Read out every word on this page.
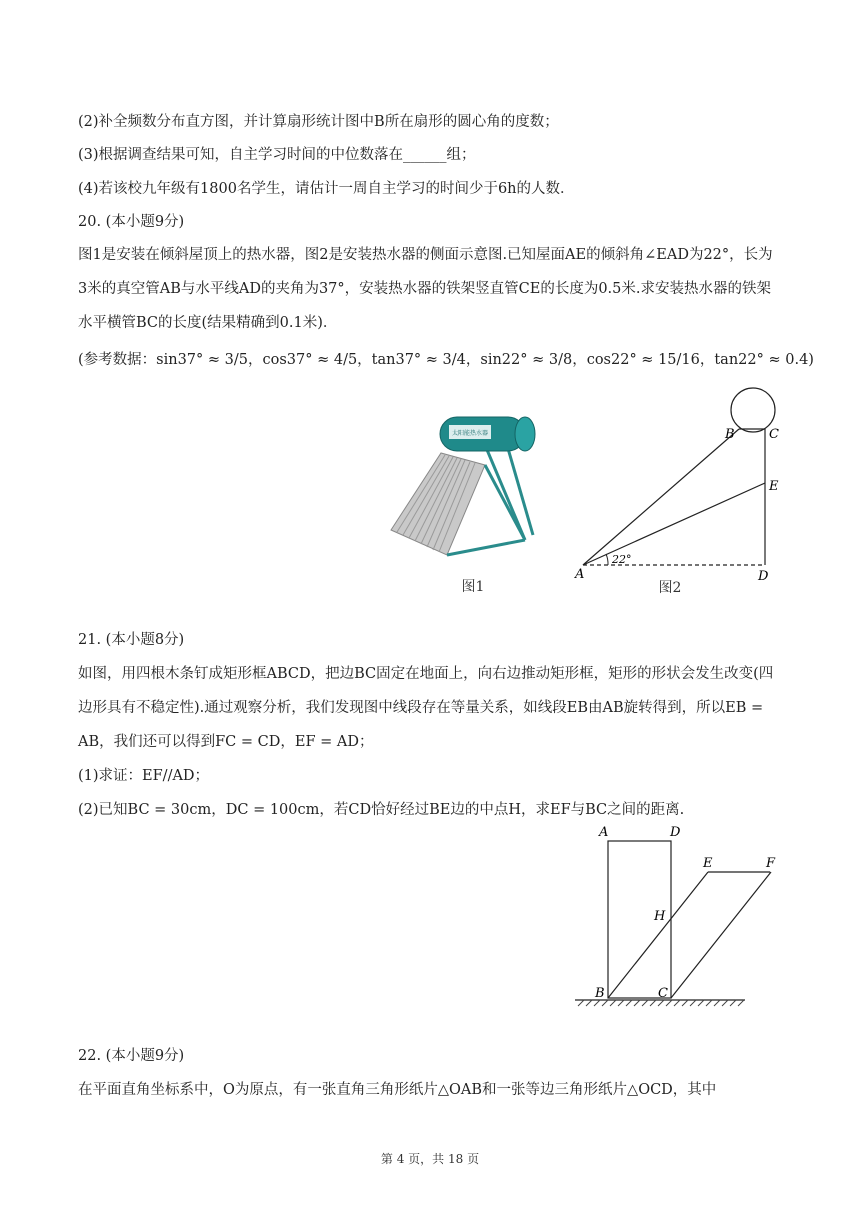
(2)补全频数分布直方图，并计算扇形统计图中B所在扇形的圆心角的度数；
(3)根据调查结果可知，自主学习时间的中位数落在______组；
(4)若该校九年级有1800名学生，请估计一周自主学习的时间少于6h的人数．
20. (本小题9分)
图1是安装在倾斜屋顶上的热水器，图2是安装热水器的侧面示意图.已知屋面AE的倾斜角∠EAD为22°，长为
3米的真空管AB与水平线AD的夹角为37°，安装热水器的铁架竖直管CE的长度为0.5米.求安装热水器的铁架
水平横管BC的长度(结果精确到0.1米)．
(参考数据：sin37° ≈ 3/5，cos37° ≈ 4/5，tan37° ≈ 3/4，sin22° ≈ 3/8，cos22° ≈ 15/16，tan22° ≈ 0.4)
太阳能热水器
图1
22°
A
B	C
E
D
图2
21. (本小题8分)
如图，用四根木条钉成矩形框ABCD，把边BC固定在地面上，向右边推动矩形框，矩形的形状会发生改变(四
边形具有不稳定性).通过观察分析，我们发现图中线段存在等量关系，如线段EB由AB旋转得到，所以EB =
AB，我们还可以得到FC = CD，EF = AD；
(1)求证：EF//AD；
(2)已知BC = 30cm，DC = 100cm，若CD恰好经过BE边的中点H，求EF与BC之间的距离.
A	D
E	F
H
B	C
22. (本小题9分)
在平面直角坐标系中，O为原点，有一张直角三角形纸片△OAB和一张等边三角形纸片△OCD，其中
第 4 页，共 18 页
